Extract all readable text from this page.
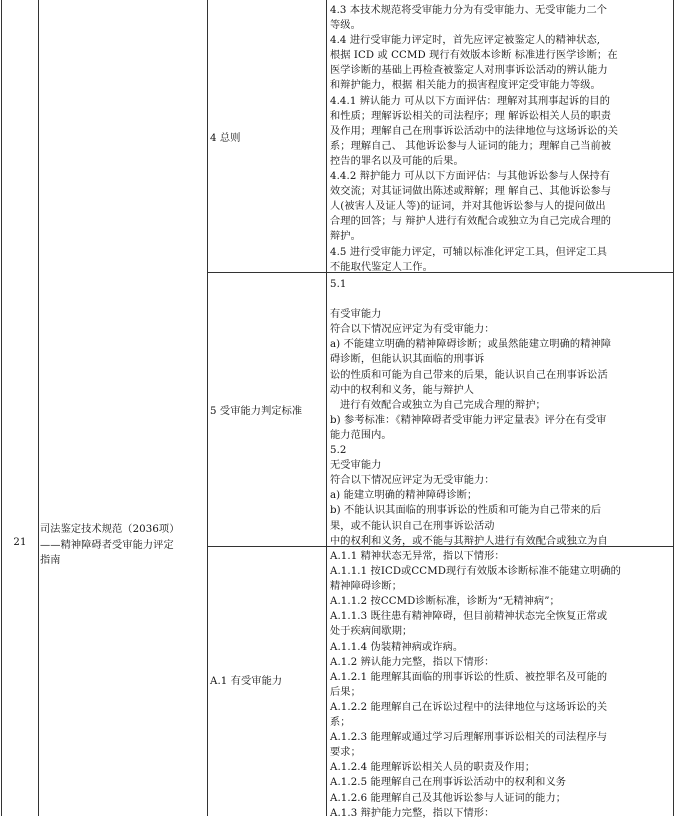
21
司法鉴定技术规范（2036项）
——精神障碍者受审能力评定
指南
4 总则
5 受审能力判定标准
A.1 有受审能力
4.3 本技术规范将受审能力分为有受审能力、无受审能力二个
等级。
4.4 进行受审能力评定时，首先应评定被鉴定人的精神状态,
根据 ICD 或 CCMD 现行有效版本诊断 标准进行医学诊断；在
医学诊断的基础上再检查被鉴定人对刑事诉讼活动的辨认能力
和辩护能力，根据 相关能力的损害程度评定受审能力等级。
4.4.1 辨认能力 可从以下方面评估：理解对其刑事起诉的目的
和性质；理解诉讼相关的司法程序；理 解诉讼相关人员的职责
及作用；理解自己在刑事诉讼活动中的法律地位与这场诉讼的关
系；理解自己、 其他诉讼参与人证词的能力；理解自己当前被
控告的罪名以及可能的后果。
4.4.2 辩护能力 可从以下方面评估：与其他诉讼参与人保持有
效交流；对其证词做出陈述或辩解；理 解自己、其他诉讼参与
人(被害人及证人等)的证词，并对其他诉讼参与人的提问做出
合理的回答；与 辩护人进行有效配合或独立为自己完成合理的
辩护。
4.5 进行受审能力评定，可辅以标准化评定工具，但评定工具
不能取代鉴定人工作。
5.1
有受审能力
符合以下情况应评定为有受审能力：
a) 不能建立明确的精神障碍诊断；或虽然能建立明确的精神障
碍诊断，但能认识其面临的刑事诉
讼的性质和可能为自己带来的后果，能认识自己在刑事诉讼活
动中的权利和义务，能与辩护人
进行有效配合或独立为自己完成合理的辩护；
b) 参考标准：《精神障碍者受审能力评定量表》评分在有受审
能力范围内。
5.2
无受审能力
符合以下情况应评定为无受审能力：
a) 能建立明确的精神障碍诊断；
b) 不能认识其面临的刑事诉讼的性质和可能为自己带来的后
果，或不能认识自己在刑事诉讼活动
中的权利和义务，或不能与其辩护人进行有效配合或独立为自
A.1.1 精神状态无异常，指以下情形：
A.1.1.1 按ICD或CCMD现行有效版本诊断标准不能建立明确的
精神障碍诊断；
A.1.1.2 按CCMD诊断标准，诊断为“无精神病”；
A.1.1.3 既往患有精神障碍，但目前精神状态完全恢复正常或
处于疾病间歇期；
A.1.1.4 伪装精神病或诈病。
A.1.2 辨认能力完整，指以下情形：
A.1.2.1 能理解其面临的刑事诉讼的性质、被控罪名及可能的
后果；
A.1.2.2 能理解自己在诉讼过程中的法律地位与这场诉讼的关
系；
A.1.2.3 能理解或通过学习后理解刑事诉讼相关的司法程序与
要求；
A.1.2.4 能理解诉讼相关人员的职责及作用；
A.1.2.5 能理解自己在刑事诉讼活动中的权利和义务
A.1.2.6 能理解自己及其他诉讼参与人证词的能力；
A.1.3 辩护能力完整，指以下情形：
